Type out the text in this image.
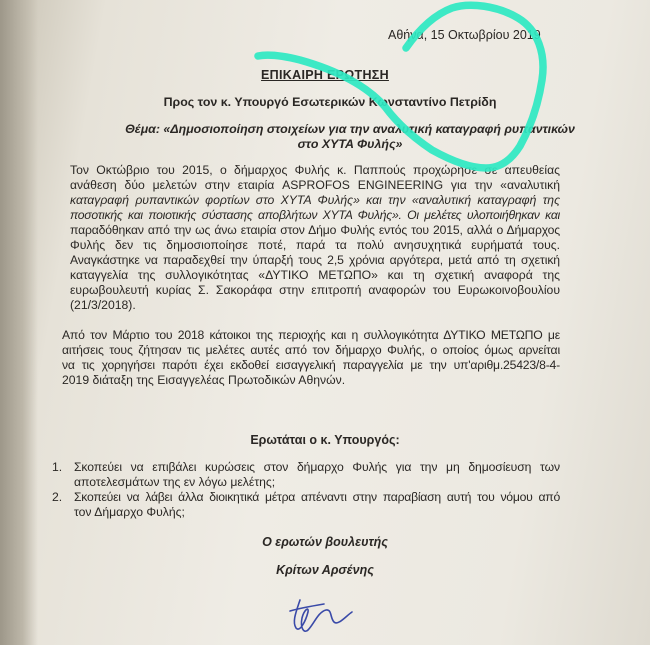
Αθήνα, 15 Οκτωβρίου 2019
ΕΠΙΚΑΙΡΗ ΕΡΩΤΗΣΗ
Προς τον κ. Υπουργό Εσωτερικών Κωνσταντίνο Πετρίδη
Θέμα: «Δημοσιοποίηση στοιχείων για την αναλυτική καταγραφή ρυπαντικών
στο ΧΥΤΑ Φυλής»
Τον Οκτώβριο του 2015, ο δήμαρχος Φυλής κ. Παππούς προχώρησε σε απευθείας
ανάθεση δύο μελετών στην εταιρία ASPROFOS ENGINEERING για την «αναλυτική
καταγραφή ρυπαντικών φορτίων στο ΧΥΤΑ Φυλής» και την «αναλυτική καταγραφή της
ποσοτικής και ποιοτικής σύστασης αποβλήτων ΧΥΤΑ Φυλής». Οι μελέτες υλοποιήθηκαν και
παραδόθηκαν από την ως άνω εταιρία στον Δήμο Φυλής εντός του 2015, αλλά ο Δήμαρχος
Φυλής δεν τις δημοσιοποίησε ποτέ, παρά τα πολύ ανησυχητικά ευρήματά τους.
Αναγκάστηκε να παραδεχθεί την ύπαρξή τους 2,5 χρόνια αργότερα, μετά από τη σχετική
καταγγελία της συλλογικότητας «ΔΥΤΙΚΟ ΜΕΤΩΠΟ» και τη σχετική αναφορά της
ευρωβουλευτή κυρίας Σ. Σακοράφα στην επιτροπή αναφορών του Ευρωκοινοβουλίου
(21/3/2018).
Από τον Μάρτιο του 2018 κάτοικοι της περιοχής και η συλλογικότητα ΔΥΤΙΚΟ ΜΕΤΩΠΟ με
αιτήσεις τους ζήτησαν τις μελέτες αυτές από τον δήμαρχο Φυλής, ο οποίος όμως αρνείται
να τις χορηγήσει παρότι έχει εκδοθεί εισαγγελική παραγγελία με την υπ'αριθμ.25423/8-4-
2019 διάταξη της Εισαγγελέας Πρωτοδικών Αθηνών.
Ερωτάται ο κ. Υπουργός:
1. Σκοπεύει να επιβάλει κυρώσεις στον δήμαρχο Φυλής για την μη δημοσίευση των
αποτελεσμάτων της εν λόγω μελέτης;
2. Σκοπεύει να λάβει άλλα διοικητικά μέτρα απέναντι στην παραβίαση αυτή του νόμου από
τον Δήμαρχο Φυλής;
Ο ερωτών βουλευτής
Κρίτων Αρσένης
